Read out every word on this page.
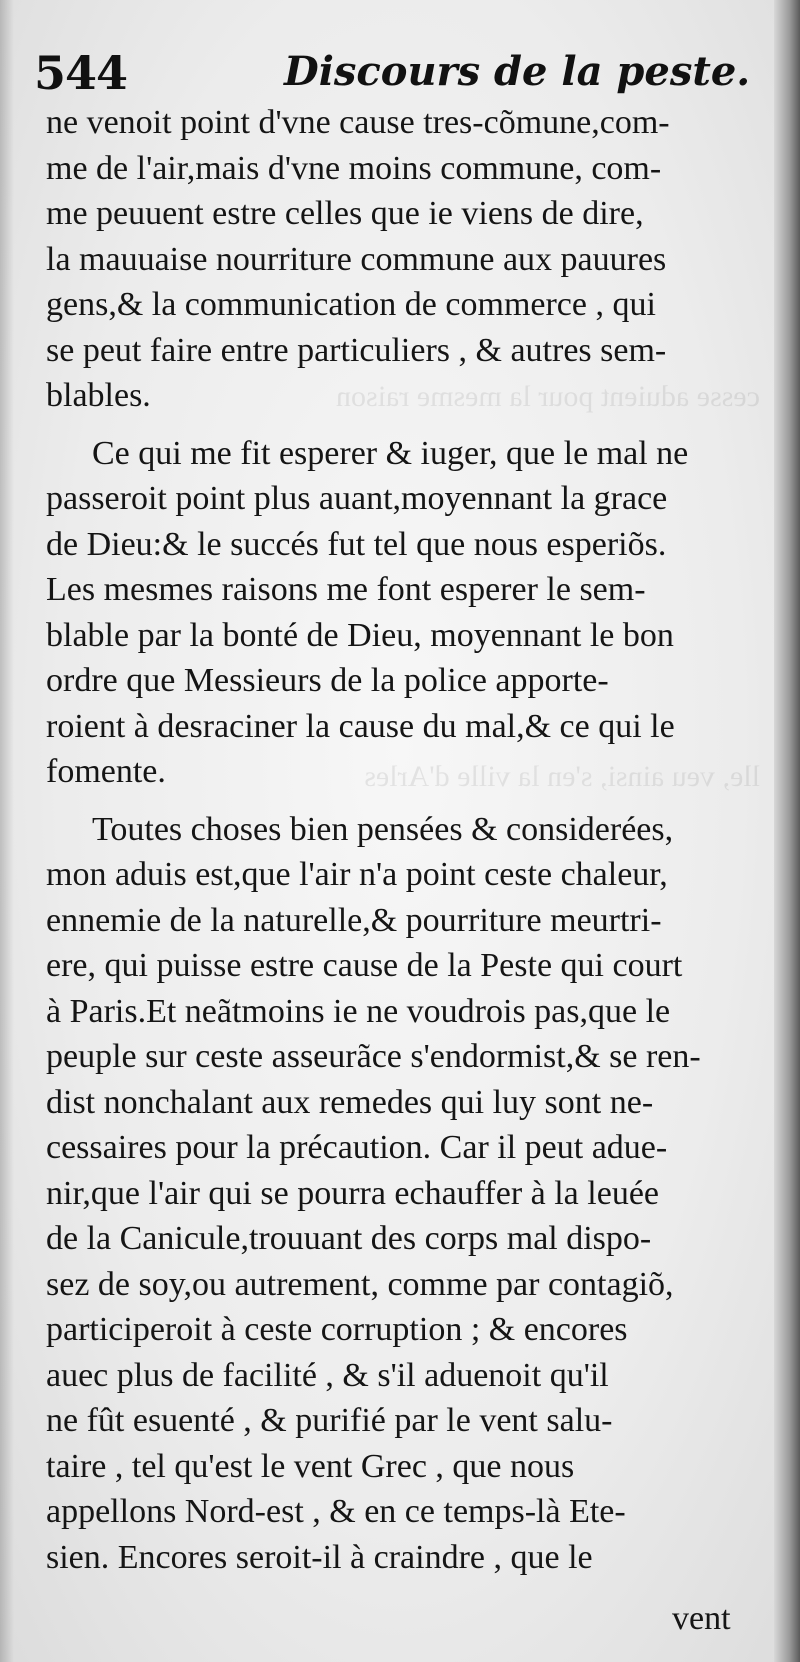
cesse aduient pour la mesme raison
lle, veu ainsi, s'en la ville d'Arles
544	Discours de la peste.
ne venoit point d'vne cause tres-cõmune,com-
me de l'air,mais d'vne moins commune, com-
me peuuent estre celles que ie viens de dire,
la mauuaise nourriture commune aux pauures
gens,& la communication de commerce , qui
se peut faire entre particuliers , & autres sem-
blables.
Ce qui me fit esperer & iuger, que le mal ne
passeroit point plus auant,moyennant la grace
de Dieu:& le succés fut tel que nous esperiõs.
Les mesmes raisons me font esperer le sem-
blable par la bonté de Dieu, moyennant le bon
ordre que Messieurs de la police apporte-
roient à desraciner la cause du mal,& ce qui le
fomente.
Toutes choses bien pensées & considerées,
mon aduis est,que l'air n'a point ceste chaleur,
ennemie de la naturelle,& pourriture meurtri-
ere, qui puisse estre cause de la Peste qui court
à Paris.Et neãtmoins ie ne voudrois pas,que le
peuple sur ceste asseurãce s'endormist,& se ren-
dist nonchalant aux remedes qui luy sont ne-
cessaires pour la précaution. Car il peut adue-
nir,que l'air qui se pourra echauffer à la leuée
de la Canicule,trouuant des corps mal dispo-
sez de soy,ou autrement, comme par contagiõ,
participeroit à ceste corruption ; & encores
auec plus de facilité , & s'il aduenoit qu'il
ne fût esuenté , & purifié par le vent salu-
taire , tel qu'est le vent Grec , que nous
appellons Nord-est , & en ce temps-là Ete-
sien. Encores seroit-il à craindre , que le
vent
